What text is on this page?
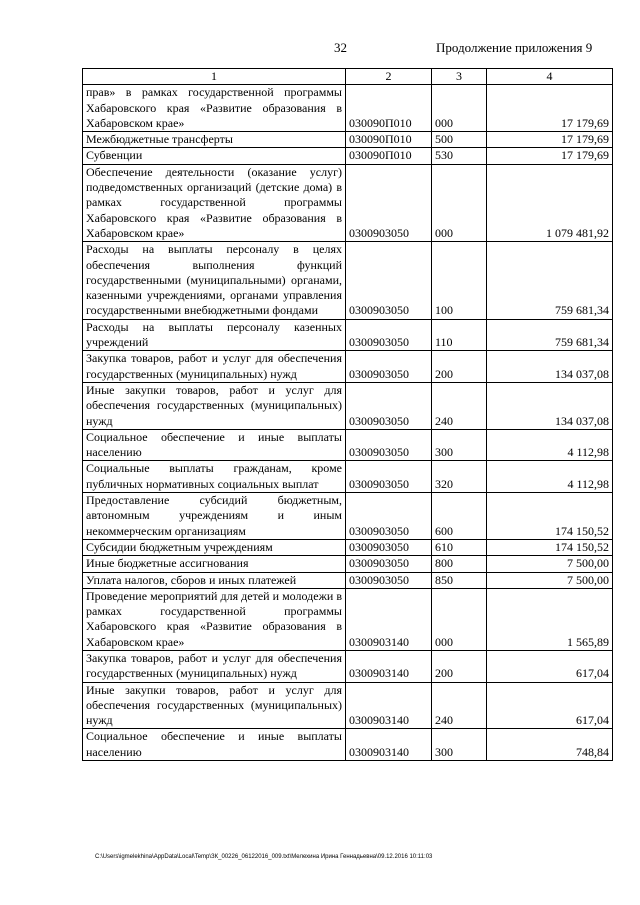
32	Продолжение приложения 9
1	2	3	4
прав» в рамках государственной программы Хабаровского края «Развитие образования в Хабаровском крае»	030090П010	000	17 179,69
Межбюджетные трансферты	030090П010	500	17 179,69
Субвенции	030090П010	530	17 179,69
Обеспечение деятельности (оказание услуг) подведомственных организаций (детские дома) в рамках государственной программы Хабаровского края «Развитие образования в Хабаровском крае»	0300903050	000	1 079 481,92
Расходы на выплаты персоналу в целях обеспечения выполнения функций государственными (муниципальными) органами, казенными учреждениями, органами управления государственными внебюджетными фондами	0300903050	100	759 681,34
Расходы на выплаты персоналу казенных учреждений	0300903050	110	759 681,34
Закупка товаров, работ и услуг для обеспечения государственных (муниципальных) нужд	0300903050	200	134 037,08
Иные закупки товаров, работ и услуг для обеспечения государственных (муниципальных) нужд	0300903050	240	134 037,08
Социальное обеспечение и иные выплаты населению	0300903050	300	4 112,98
Социальные выплаты гражданам, кроме публичных нормативных социальных выплат	0300903050	320	4 112,98
Предоставление субсидий бюджетным, автономным учреждениям и иным некоммерческим организациям	0300903050	600	174 150,52
Субсидии бюджетным учреждениям	0300903050	610	174 150,52
Иные бюджетные ассигнования	0300903050	800	7 500,00
Уплата налогов, сборов и иных платежей	0300903050	850	7 500,00
Проведение мероприятий для детей и молодежи в рамках государственной программы Хабаровского края «Развитие образования в Хабаровском крае»	0300903140	000	1 565,89
Закупка товаров, работ и услуг для обеспечения государственных (муниципальных) нужд	0300903140	200	617,04
Иные закупки товаров, работ и услуг для обеспечения государственных (муниципальных) нужд	0300903140	240	617,04
Социальное обеспечение и иные выплаты населению	0300903140	300	748,84
C:\Users\igmelekhina\AppData\Local\Temp\ЗК_00226_06122016_009.txt\Мелехина Ирина Геннадьевна\09.12.2016 10:11:03
